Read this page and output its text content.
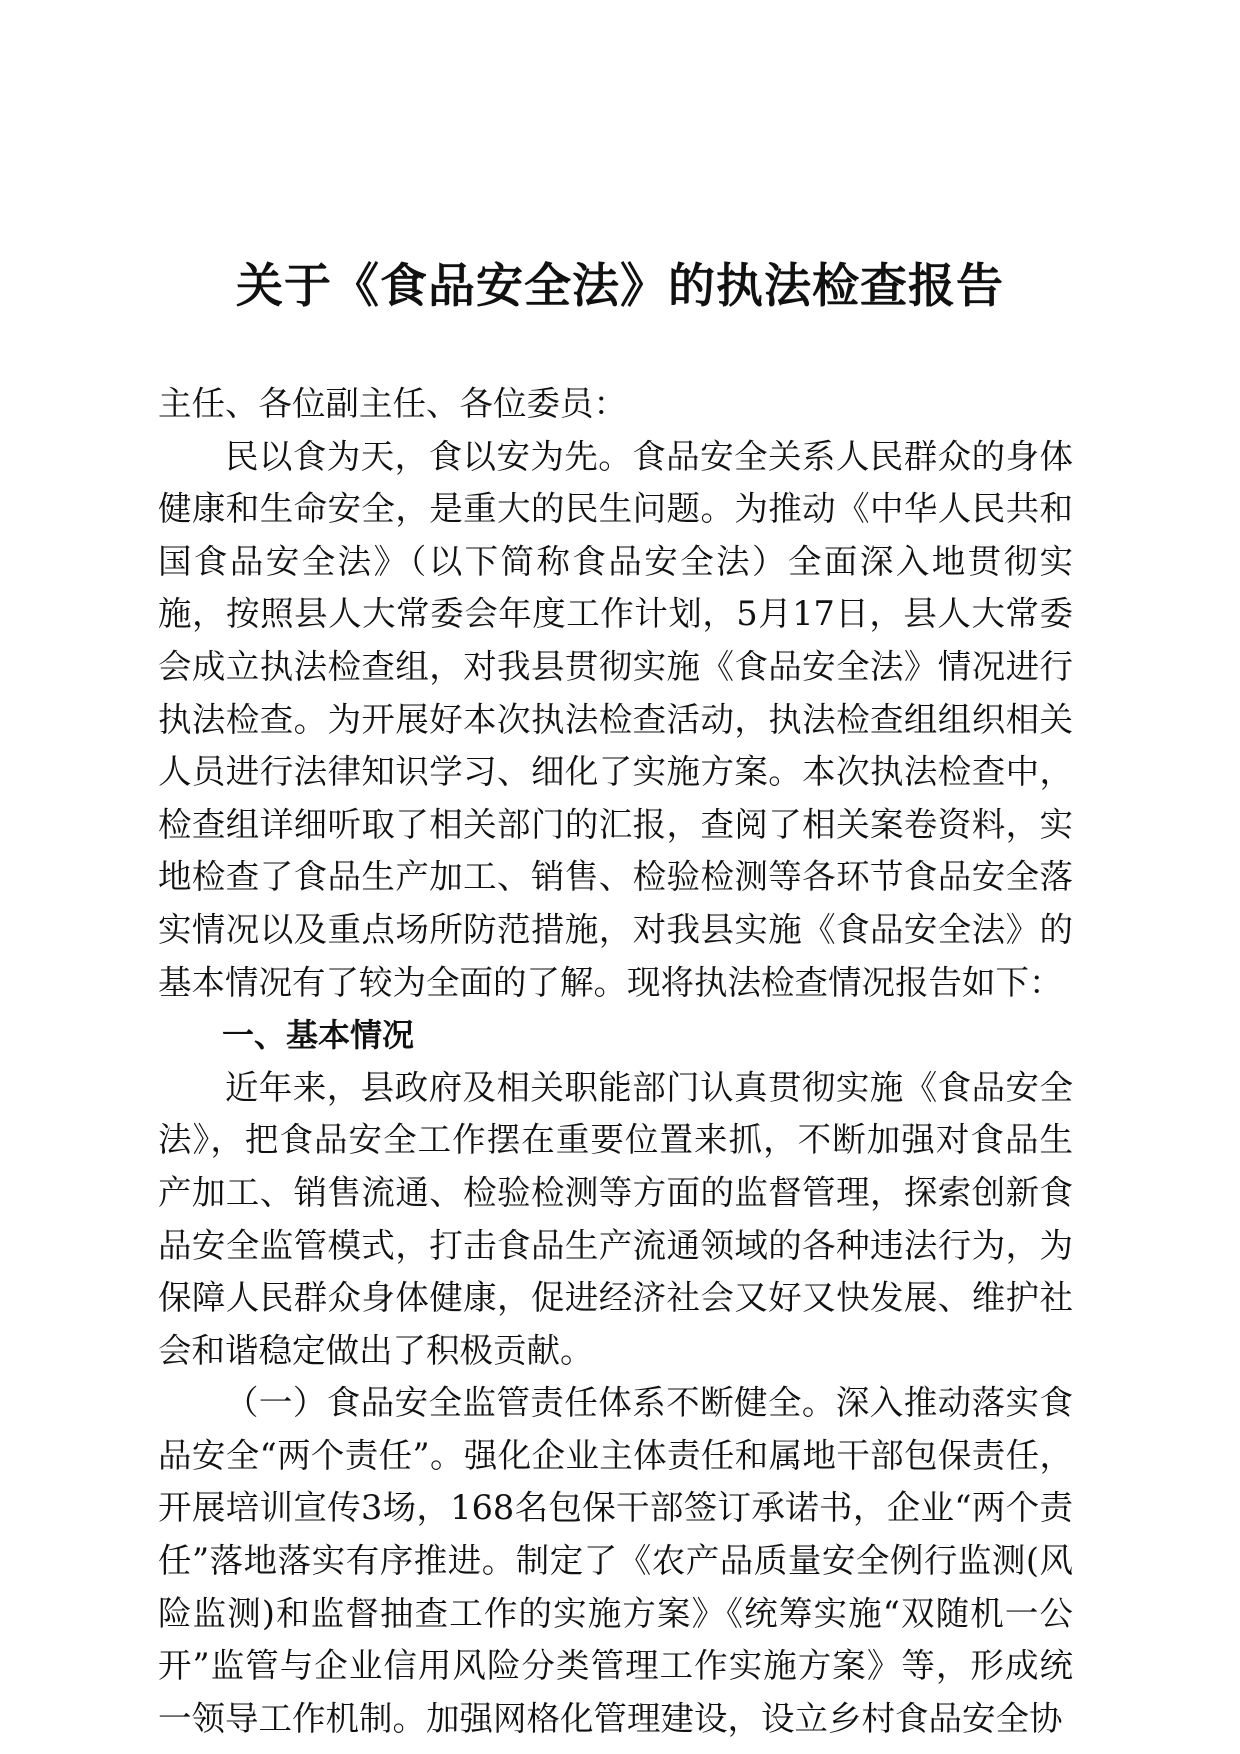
关于《食品安全法》的执法检查报告

主任、各位副主任、各位委员：

民以食为天，食以安为先。食品安全关系人民群众的身体健康和生命安全，是重大的民生问题。为推动《中华人民共和国食品安全法》（以下简称食品安全法）全面深入地贯彻实施，按照县人大常委会年度工作计划，5月17日，县人大常委会成立执法检查组，对我县贯彻实施《食品安全法》情况进行执法检查。为开展好本次执法检查活动，执法检查组组织相关人员进行法律知识学习、细化了实施方案。本次执法检查中，检查组详细听取了相关部门的汇报，查阅了相关案卷资料，实地检查了食品生产加工、销售、检验检测等各环节食品安全落实情况以及重点场所防范措施，对我县实施《食品安全法》的基本情况有了较为全面的了解。现将执法检查情况报告如下：

一、基本情况

近年来，县政府及相关职能部门认真贯彻实施《食品安全法》，把食品安全工作摆在重要位置来抓，不断加强对食品生产加工、销售流通、检验检测等方面的监督管理，探索创新食品安全监管模式，打击食品生产流通领域的各种违法行为，为保障人民群众身体健康，促进经济社会又好又快发展、维护社会和谐稳定做出了积极贡献。

（一）食品安全监管责任体系不断健全。深入推动落实食品安全“两个责任”。强化企业主体责任和属地干部包保责任，开展培训宣传3场，168名包保干部签订承诺书，企业“两个责任”落地落实有序推进。制定了《农产品质量安全例行监测(风险监测)和监督抽查工作的实施方案》《统筹实施“双随机一公开”监管与企业信用风险分类管理工作实施方案》等，形成统一领导工作机制。加强网格化管理建设，设立乡村食品安全协
